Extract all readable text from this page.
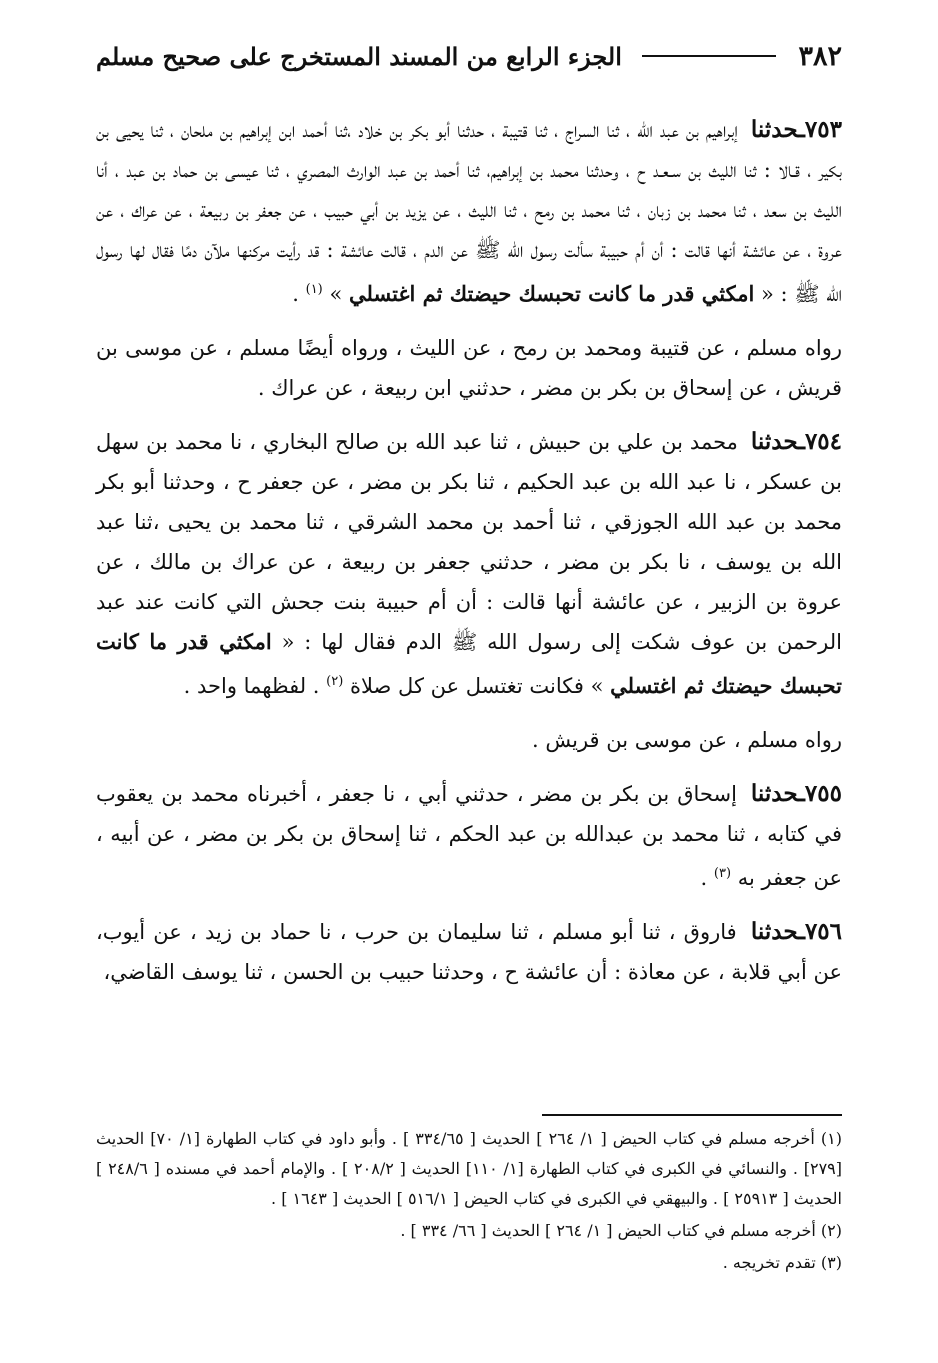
٣٨٢
الجزء الرابع من المسند المستخرج على صحيح مسلم

٧٥٣ـحدثنا إبراهيم بن عبد الله ، ثنا السراج ، ثنا قتيبة ، حدثنا أبو بكر بن خلاد ،ثنا أحمد ابن إبراهيم بن ملحان ، ثنا يحيى بن بكير ، قـالا : ثنا الليث بن سـعـد ح ، وحدثنا محمد بن إبراهيم، ثنا أحمد بن عبد الوارث المصري ، ثنا عيسى بن حماد بن عبد ، أنا الليث بن سعد ، ثنا محمد بن زبان ، ثنا محمد بن رمح ، ثنا الليث ، عن يزيد بن أبي حبيب ، عن جعفر بن ربيعة ، عن عراك ، عن عروة ، عن عائشة أنها قالت : أن أم حبيبة سألت رسول الله ﷺ عن الدم ، قالت عائشة : قد رأيت مركنها ملآن دمًا فقال لها رسول الله ﷺ : « امكثي قدر ما كانت تحبسك حيضتك ثم اغتسلي » $^{(١)}$ .

رواه مسلم ، عن قتيبة ومحمد بن رمح ، عن الليث ، ورواه أيضًا مسلم ، عن موسى بن قريش ، عن إسحاق بن بكر بن مضر ، حدثني ابن ربيعة ، عن عراك .

٧٥٤ـحدثنا محمد بن علي بن حبيش ، ثنا عبد الله بن صالح البخاري ، نا محمد بن سهل بن عسكر ، نا عبد الله بن عبد الحكيم ، ثنا بكر بن مضر ، عن جعفر ح ، وحدثنا أبو بكر محمد بن عبد الله الجوزقي ، ثنا أحمد بن محمد الشرقي ، ثنا محمد بن يحيى ،ثنا عبد الله بن يوسف ، نا بكر بن مضر ، حدثني جعفر بن ربيعة ، عن عراك بن مالك ، عن عروة بن الزبير ، عن عائشة أنها قالت : أن أم حبيبة بنت جحش التي كانت عند عبد الرحمن بن عوف شكت إلى رسول الله ﷺ الدم فقال لها : « امكثي قدر ما كانت تحبسك حيضتك ثم اغتسلي » فكانت تغتسل عن كل صلاة $^{(٢)}$ . لفظهما واحد .

رواه مسلم ، عن موسى بن قريش .

٧٥٥ـحدثنا إسحاق بن بكر بن مضر ، حدثني أبي ، نا جعفر ، أخبرناه محمد بن يعقوب في كتابه ، ثنا محمد بن عبدالله بن عبد الحكم ، ثنا إسحاق بن بكر بن مضر ، عن أبيه ، عن جعفر به $^{(٣)}$ .

٧٥٦ـحدثنا فاروق ، ثنا أبو مسلم ، ثنا سليمان بن حرب ، نا حماد بن زيد ، عن أيوب، عن أبي قلابة ، عن معاذة : أن عائشة ح ، وحدثنا حبيب بن الحسن ، ثنا يوسف القاضي،

(١) أخرجه مسلم في كتاب الحيض [ ١/ ٢٦٤ ] الحديث [ ٣٣٤/٦٥ ] . وأبو داود في كتاب الطهارة [١/ ٧٠] الحديث [٢٧٩] . والنسائي في الكبرى في كتاب الطهارة [١/ ١١٠] الحديث [ ٢٠٨/٢ ] . والإمام أحمد في مسنده [ ٢٤٨/٦ ] الحديث [ ٢٥٩١٣ ] . والبيهقي في الكبرى في كتاب الحيض [ ٥١٦/١ ] الحديث [ ١٦٤٣ ] .

(٢) أخرجه مسلم في كتاب الحيض [ ١/ ٢٦٤ ] الحديث [ ٦٦/ ٣٣٤ ] .

(٣) تقدم تخريجه .
